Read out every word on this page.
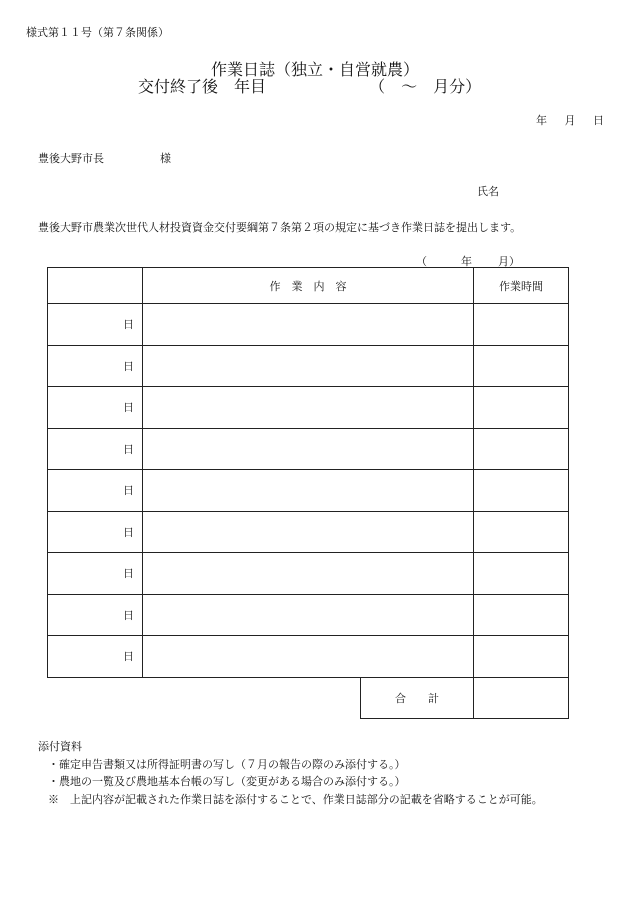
様式第１１号（第７条関係）
作業日誌（独立・自営就農）
交付終了後　年目	（　～　月分）
年 月 日
豊後大野市長	様
氏名
豊後大野市農業次世代人材投資資金交付要綱第７条第２項の規定に基づき作業日誌を提出します。
（	年 月）
	作　業　内　容	作業時間
日		
日		
日		
日		
日		
日		
日		
日		
日		

合　　計	

添付資料
・確定申告書類又は所得証明書の写し（７月の報告の際のみ添付する。）
・農地の一覧及び農地基本台帳の写し（変更がある場合のみ添付する。）
※　上記内容が記載された作業日誌を添付することで、作業日誌部分の記載を省略することが可能。
